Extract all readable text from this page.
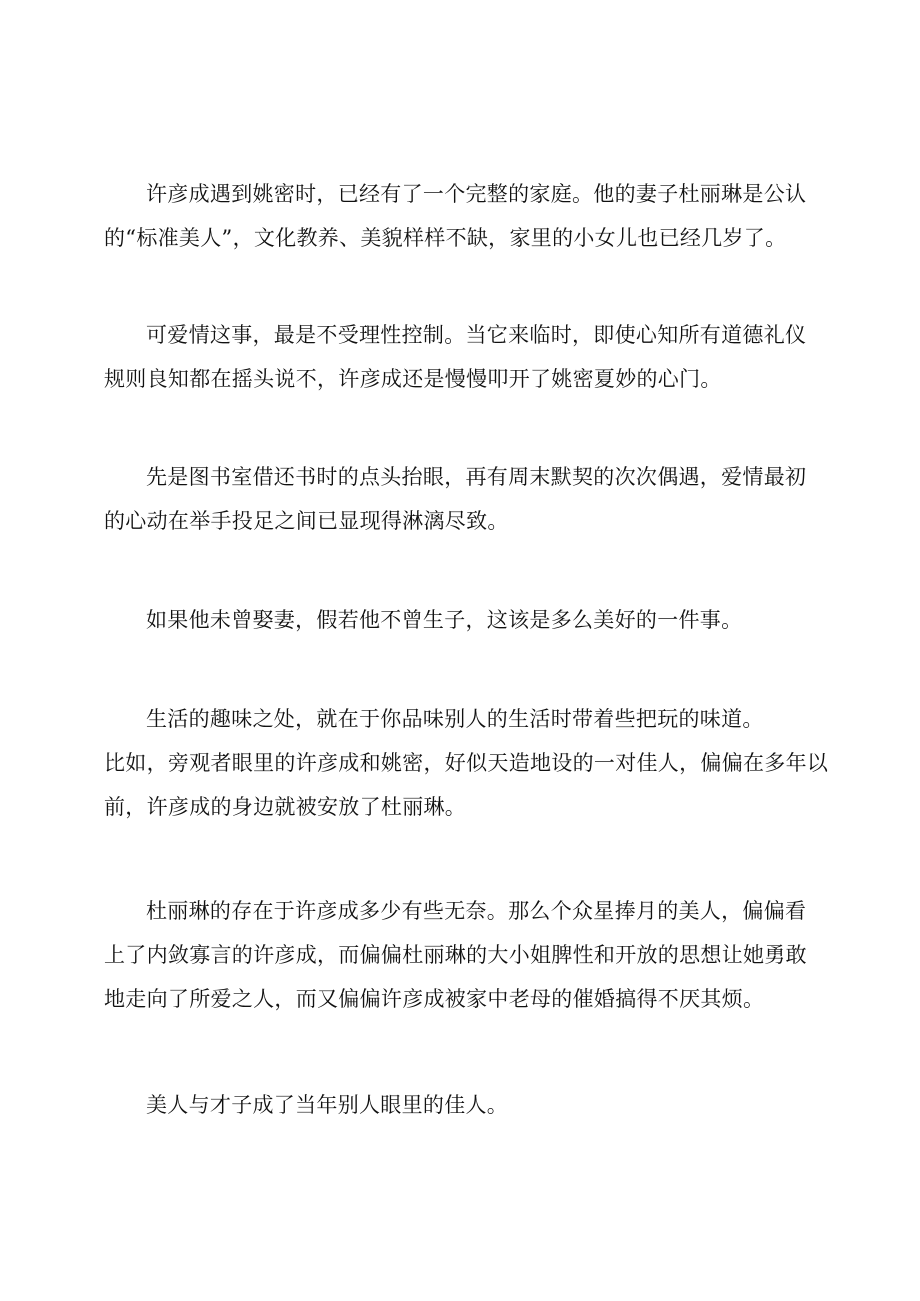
许彦成遇到姚密时，已经有了一个完整的家庭。他的妻子杜丽琳是公认
的“标准美人”，文化教养、美貌样样不缺，家里的小女儿也已经几岁了。

可爱情这事，最是不受理性控制。当它来临时，即使心知所有道德礼仪
规则良知都在摇头说不，许彦成还是慢慢叩开了姚密夏妙的心门。

先是图书室借还书时的点头抬眼，再有周末默契的次次偶遇，爱情最初
的心动在举手投足之间已显现得淋漓尽致。

如果他未曾娶妻，假若他不曾生子，这该是多么美好的一件事。

生活的趣味之处，就在于你品味别人的生活时带着些把玩的味道。
比如，旁观者眼里的许彦成和姚密，好似天造地设的一对佳人，偏偏在多年以
前，许彦成的身边就被安放了杜丽琳。

杜丽琳的存在于许彦成多少有些无奈。那么个众星捧月的美人，偏偏看
上了内敛寡言的许彦成，而偏偏杜丽琳的大小姐脾性和开放的思想让她勇敢
地走向了所爱之人，而又偏偏许彦成被家中老母的催婚搞得不厌其烦。

美人与才子成了当年别人眼里的佳人。
